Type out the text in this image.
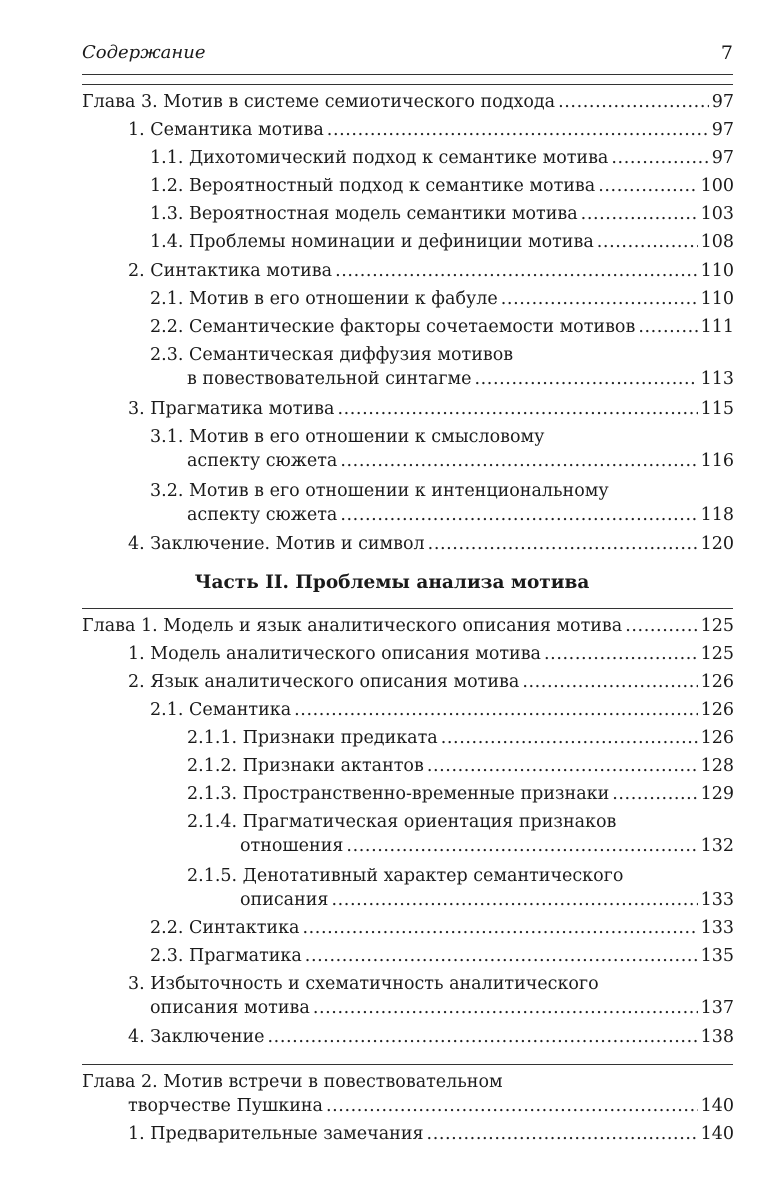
Содержание	7
Часть II. Проблемы анализа мотива
Глава 3. Мотив в системе семиотического подхода .....	97
1. Семантика мотива .....	97
1.1. Дихотомический подход к семантике мотива .....	97
1.2. Вероятностный подход к семантике мотива .....	100
1.3. Вероятностная модель семантики мотива .....	103
1.4. Проблемы номинации и дефиниции мотива .....	108
2. Синтактика мотива .....	110
2.1. Мотив в его отношении к фабуле .....	110
2.2. Семантические факторы сочетаемости мотивов .....	111
2.3. Семантическая диффузия мотивов
в повествовательной синтагме .....	113
3. Прагматика мотива .....	115
3.1. Мотив в его отношении к смысловому
аспекту сюжета .....	116
3.2. Мотив в его отношении к интенциональному
аспекту сюжета .....	118
4. Заключение. Мотив и символ .....	120
Глава 1. Модель и язык аналитического описания мотива .....	125
1. Модель аналитического описания мотива .....	125
2. Язык аналитического описания мотива .....	126
2.1. Семантика .....	126
2.1.1. Признаки предиката .....	126
2.1.2. Признаки актантов .....	128
2.1.3. Пространственно-временные признаки .....	129
2.1.4. Прагматическая ориентация признаков
отношения .....	132
2.1.5. Денотативный характер семантического
описания .....	133
2.2. Синтактика .....	133
2.3. Прагматика .....	135
3. Избыточность и схематичность аналитического
описания мотива .....	137
4. Заключение .....	138
Глава 2. Мотив встречи в повествовательном
творчестве Пушкина .....	140
1. Предварительные замечания .....	140
